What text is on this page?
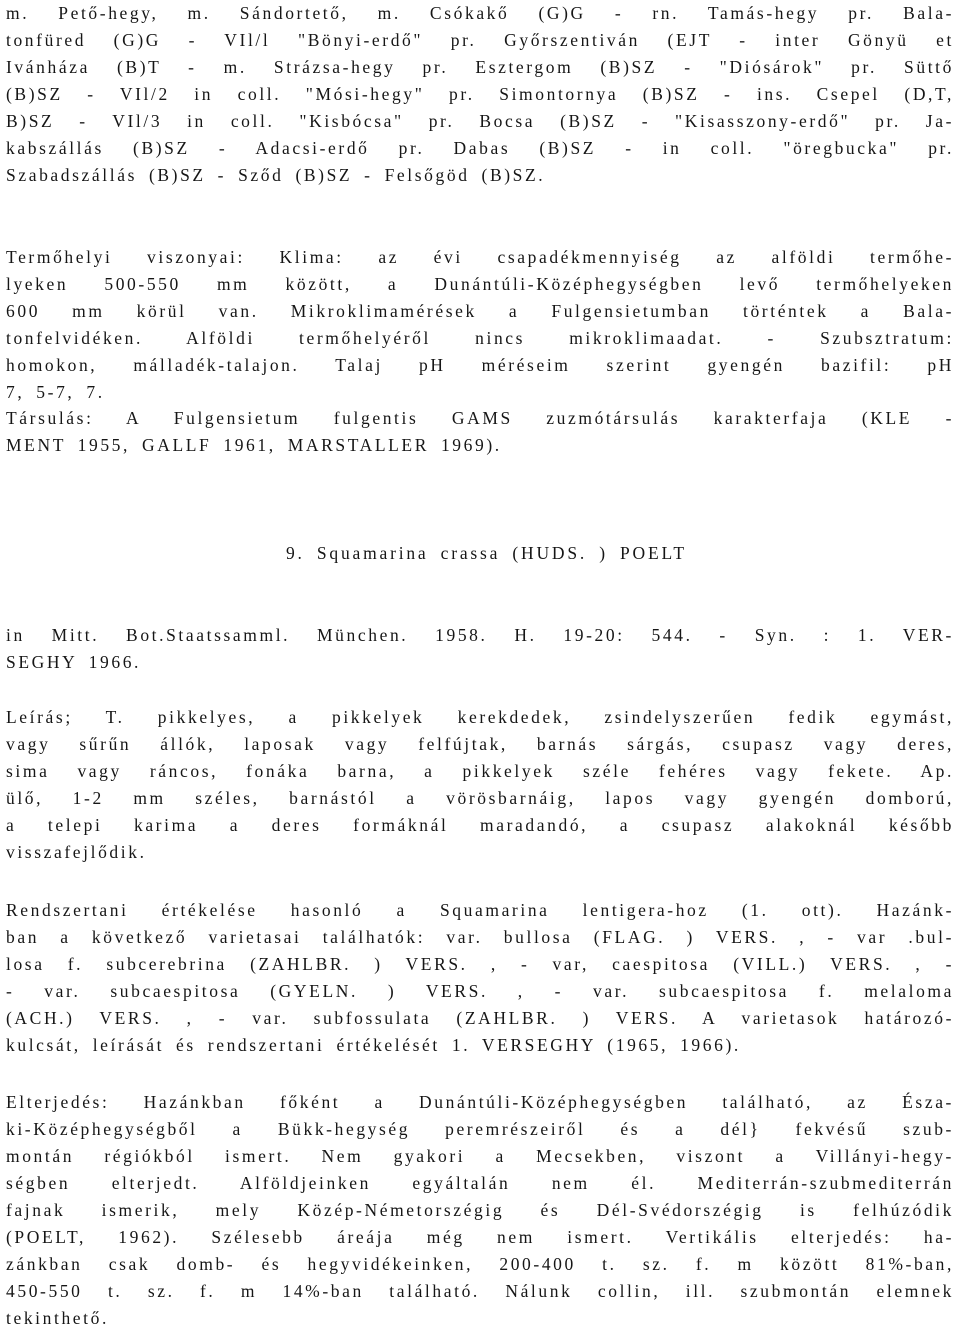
m. Pető-hegy, m. Sándortető, m. Csókakő (G)G - rn. Tamás-hegy pr. Bala-
tonfüred (G)G - VIl/l "Bönyi-erdő" pr. Győrszentiván (EJT - inter Gönyü et
Ivánháza (B)T - m. Strázsa-hegy pr. Esztergom (B)SZ - "Diósárok" pr. Süttő
(B)SZ - VIl/2 in coll. "Mósi-hegy" pr. Simontornya (B)SZ - ins. Csepel (D,T,
B)SZ - VIl/3 in coll. "Kisbócsa" pr. Bocsa (B)SZ - "Kisasszony-erdő" pr. Ja-
kabszállás (B)SZ - Adacsi-erdő pr. Dabas (B)SZ - in coll. "öregbucka" pr.
Szabadszállás (B)SZ - Sződ (B)SZ - Felsőgöd (B)SZ.
Termőhelyi viszonyai: Klima: az évi csapadékmennyiség az alföldi termőhe-
lyeken 500-550 mm között, a Dunántúli-Középhegységben levő termőhelyeken
600 mm körül van. Mikroklimamérések a Fulgensietumban történtek a Bala-
tonfelvidéken. Alföldi termőhelyéről nincs mikroklimaadat. - Szubsztratum:
homokon, málladék-talajon. Talaj pH méréseim szerint gyengén bazifil: pH
7, 5-7, 7.
Társulás: A Fulgensietum fulgentis GAMS zuzmótársulás karakterfaja (KLE -
MENT 1955, GALLF 1961, MARSTALLER 1969).
9. Squamarina crassa (HUDS. ) POELT
in Mitt. Bot.Staatssamml. München. 1958. H. 19-20: 544. - Syn. : 1. VER-
SEGHY 1966.
Leírás; T. pikkelyes, a pikkelyek kerekdedek, zsindelyszerűen fedik egymást,
vagy sűrűn állók, laposak vagy felfújtak, barnás sárgás, csupasz vagy deres,
sima vagy ráncos, fonáka barna, a pikkelyek széle fehéres vagy fekete. Ap.
ülő, 1-2 mm széles, barnástól a vörösbarnáig, lapos vagy gyengén domború,
a telepi karima a deres formáknál maradandó, a csupasz alakoknál később
visszafejlődik.
Rendszertani értékelése hasonló a Squamarina lentigera-hoz (1. ott). Hazánk-
ban a következő varietasai találhatók: var. bullosa (FLAG. ) VERS. , - var .bul-
losa f. subcerebrina (ZAHLBR. ) VERS. , - var, caespitosa (VILL.) VERS. , -
- var. subcaespitosa (GYELN. ) VERS. , - var. subcaespitosa f. melaloma
(ACH.) VERS. , - var. subfossulata (ZAHLBR. ) VERS. A varietasok határozó-
kulcsát, leírását és rendszertani értékelését 1. VERSEGHY (1965, 1966).
Elterjedés: Hazánkban főként a Dunántúli-Középhegységben található, az Észa-
ki-Középhegységből a Bükk-hegység peremrészeiről és a dél} fekvésű szub-
montán régiókból ismert. Nem gyakori a Mecsekben, viszont a Villányi-hegy-
ségben elterjedt. Alföldjeinken egyáltalán nem él. Mediterrán-szubmediterrán
fajnak ismerik, mely Közép-Németorszégig és Dél-Svédorszégig is felhúzódik
(POELT, 1962). Szélesebb áreája még nem ismert. Vertikális elterjedés: ha-
zánkban csak domb- és hegyvidékeinken, 200-400 t. sz. f. m között 81%-ban,
450-550 t. sz. f. m 14%-ban található. Nálunk collin, ill. szubmontán elemnek
tekinthető.
